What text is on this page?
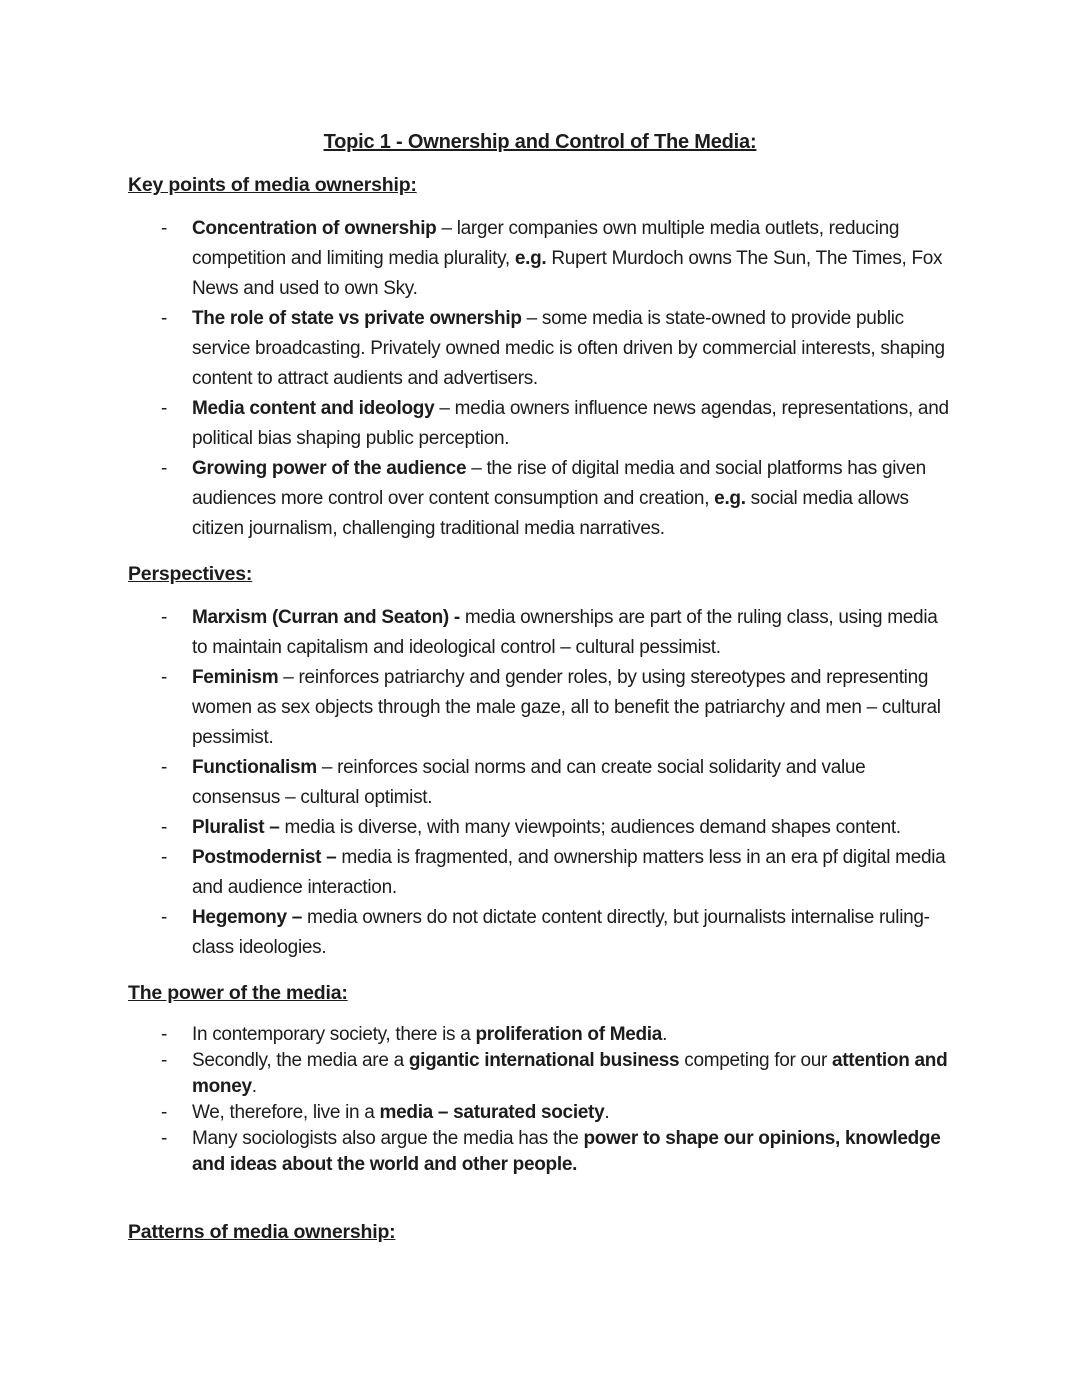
Topic 1 - Ownership and Control of The Media:
Key points of media ownership:
- Concentration of ownership – larger companies own multiple media outlets, reducing competition and limiting media plurality, e.g. Rupert Murdoch owns The Sun, The Times, Fox News and used to own Sky.
- The role of state vs private ownership – some media is state-owned to provide public service broadcasting. Privately owned medic is often driven by commercial interests, shaping content to attract audients and advertisers.
- Media content and ideology – media owners influence news agendas, representations, and political bias shaping public perception.
- Growing power of the audience – the rise of digital media and social platforms has given audiences more control over content consumption and creation, e.g. social media allows citizen journalism, challenging traditional media narratives.
Perspectives:
- Marxism (Curran and Seaton) - media ownerships are part of the ruling class, using media to maintain capitalism and ideological control – cultural pessimist.
- Feminism – reinforces patriarchy and gender roles, by using stereotypes and representing women as sex objects through the male gaze, all to benefit the patriarchy and men – cultural pessimist.
- Functionalism – reinforces social norms and can create social solidarity and value consensus – cultural optimist.
- Pluralist – media is diverse, with many viewpoints; audiences demand shapes content.
- Postmodernist – media is fragmented, and ownership matters less in an era pf digital media and audience interaction.
- Hegemony – media owners do not dictate content directly, but journalists internalise ruling-class ideologies.
The power of the media:
- In contemporary society, there is a proliferation of Media.
- Secondly, the media are a gigantic international business competing for our attention and money.
- We, therefore, live in a media – saturated society.
- Many sociologists also argue the media has the power to shape our opinions, knowledge and ideas about the world and other people.
Patterns of media ownership:
